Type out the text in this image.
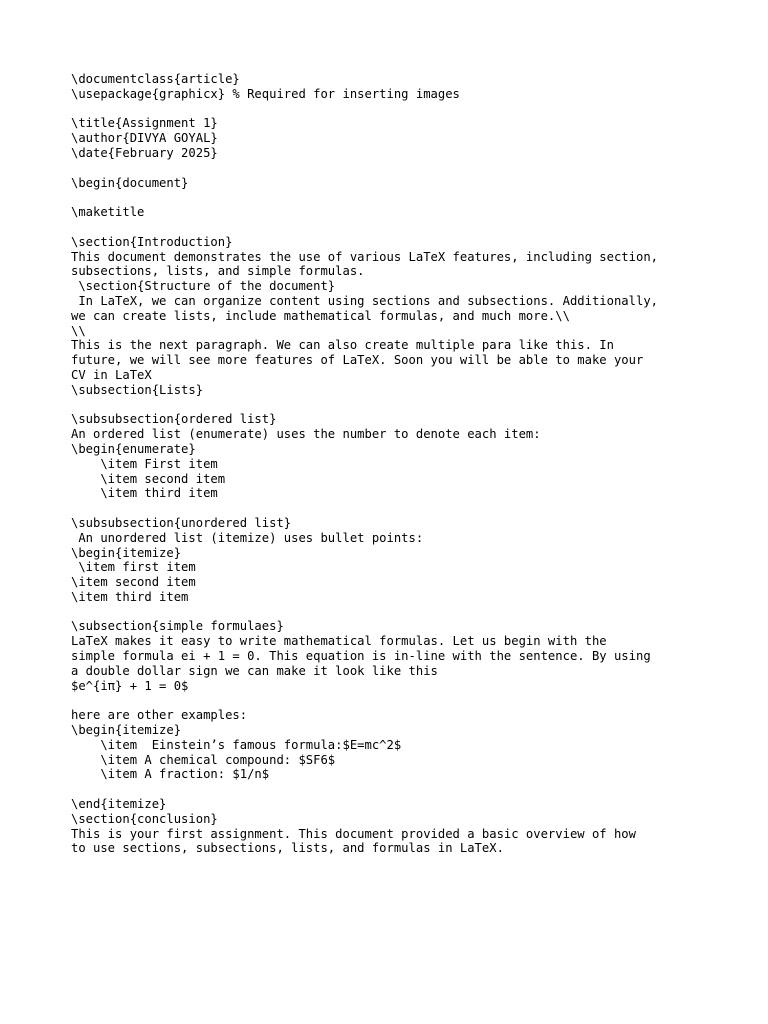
\documentclass{article}
\usepackage{graphicx} % Required for inserting images
\title{Assignment 1}
\author{DIVYA GOYAL}
\date{February 2025}
\begin{document}
\maketitle
\section{Introduction}
This document demonstrates the use of various LaTeX features, including section,
subsections, lists, and simple formulas.
\section{Structure of the document}
In LaTeX, we can organize content using sections and subsections. Additionally,
we can create lists, include mathematical formulas, and much more.\\
\\
This is the next paragraph. We can also create multiple para like this. In
future, we will see more features of LaTeX. Soon you will be able to make your
CV in LaTeX
\subsection{Lists}
\subsubsection{ordered list}
An ordered list (enumerate) uses the number to denote each item:
\begin{enumerate}
\item First item
\item second item
\item third item
\subsubsection{unordered list}
An unordered list (itemize) uses bullet points:
\begin{itemize}
\item first item
\item second item
\item third item
\subsection{simple formulaes}
LaTeX makes it easy to write mathematical formulas. Let us begin with the
simple formula ei + 1 = 0. This equation is in-line with the sentence. By using
a double dollar sign we can make it look like this
$e^{iπ} + 1 = 0$
here are other examples:
\begin{itemize}
\item  Einstein’s famous formula:$E=mc^2$
\item A chemical compound: $SF6$
\item A fraction: $1/n$
\end{itemize}
\section{conclusion}
This is your first assignment. This document provided a basic overview of how
to use sections, subsections, lists, and formulas in LaTeX.
